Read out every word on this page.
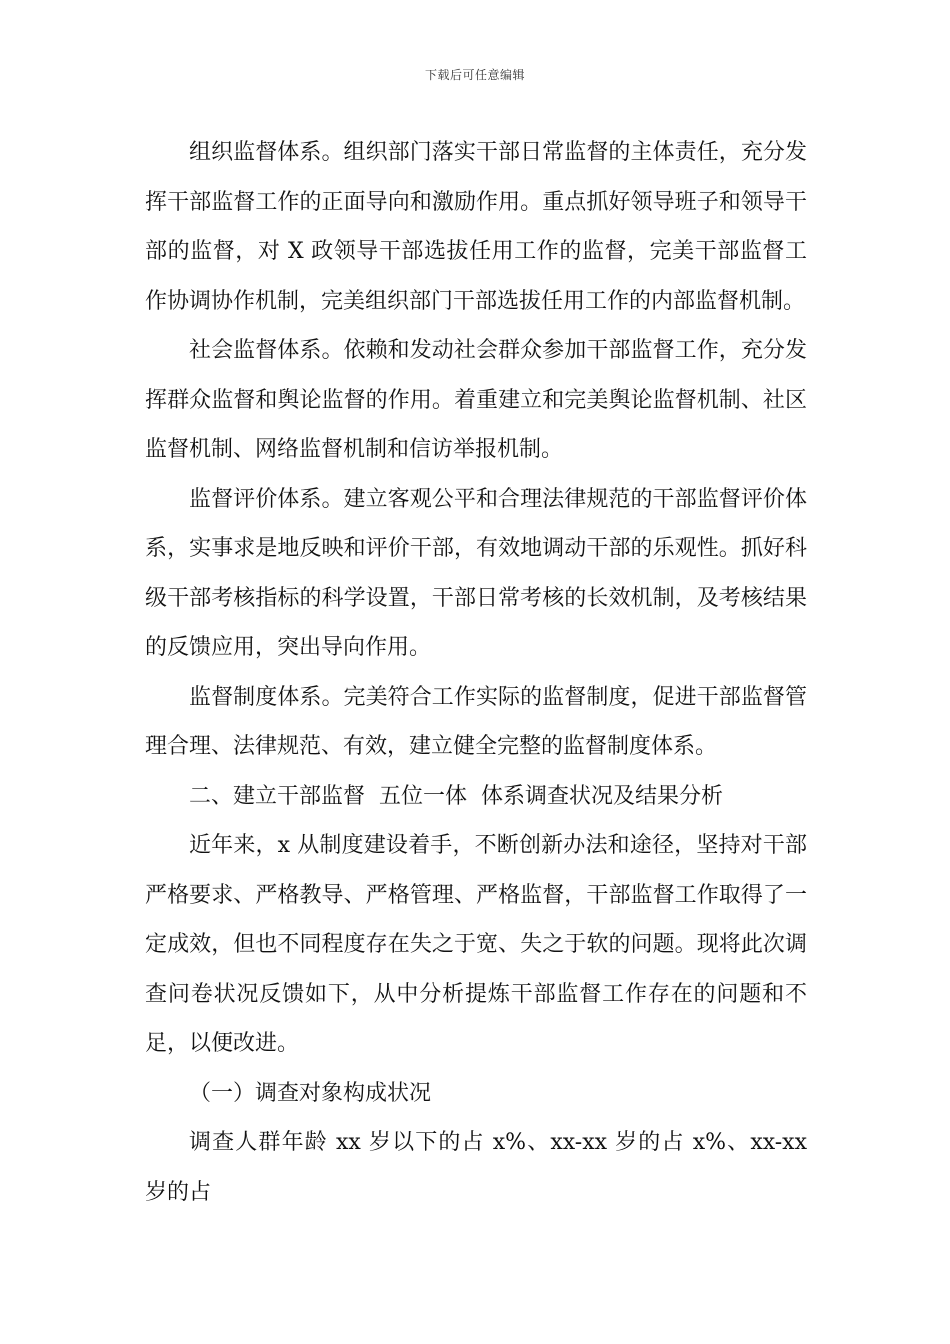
下载后可任意编辑

组织监督体系。组织部门落实干部日常监督的主体责任，充分发挥干部监督工作的正面导向和激励作用。重点抓好领导班子和领导干部的监督，对 X 政领导干部选拔任用工作的监督，完美干部监督工作协调协作机制，完美组织部门干部选拔任用工作的内部监督机制。

社会监督体系。依赖和发动社会群众参加干部监督工作，充分发挥群众监督和舆论监督的作用。着重建立和完美舆论监督机制、社区监督机制、网络监督机制和信访举报机制。

监督评价体系。建立客观公平和合理法律规范的干部监督评价体系，实事求是地反映和评价干部，有效地调动干部的乐观性。抓好科级干部考核指标的科学设置，干部日常考核的长效机制，及考核结果的反馈应用，突出导向作用。

监督制度体系。完美符合工作实际的监督制度，促进干部监督管理合理、法律规范、有效，建立健全完整的监督制度体系。

二、建立干部监督  五位一体  体系调查状况及结果分析

近年来，x 从制度建设着手，不断创新办法和途径，坚持对干部严格要求、严格教导、严格管理、严格监督，干部监督工作取得了一定成效，但也不同程度存在失之于宽、失之于软的问题。现将此次调查问卷状况反馈如下，从中分析提炼干部监督工作存在的问题和不足，以便改进。

（一）调查对象构成状况

调查人群年龄 xx 岁以下的占 x%、xx-xx 岁的占 x%、xx-xx 岁的占
